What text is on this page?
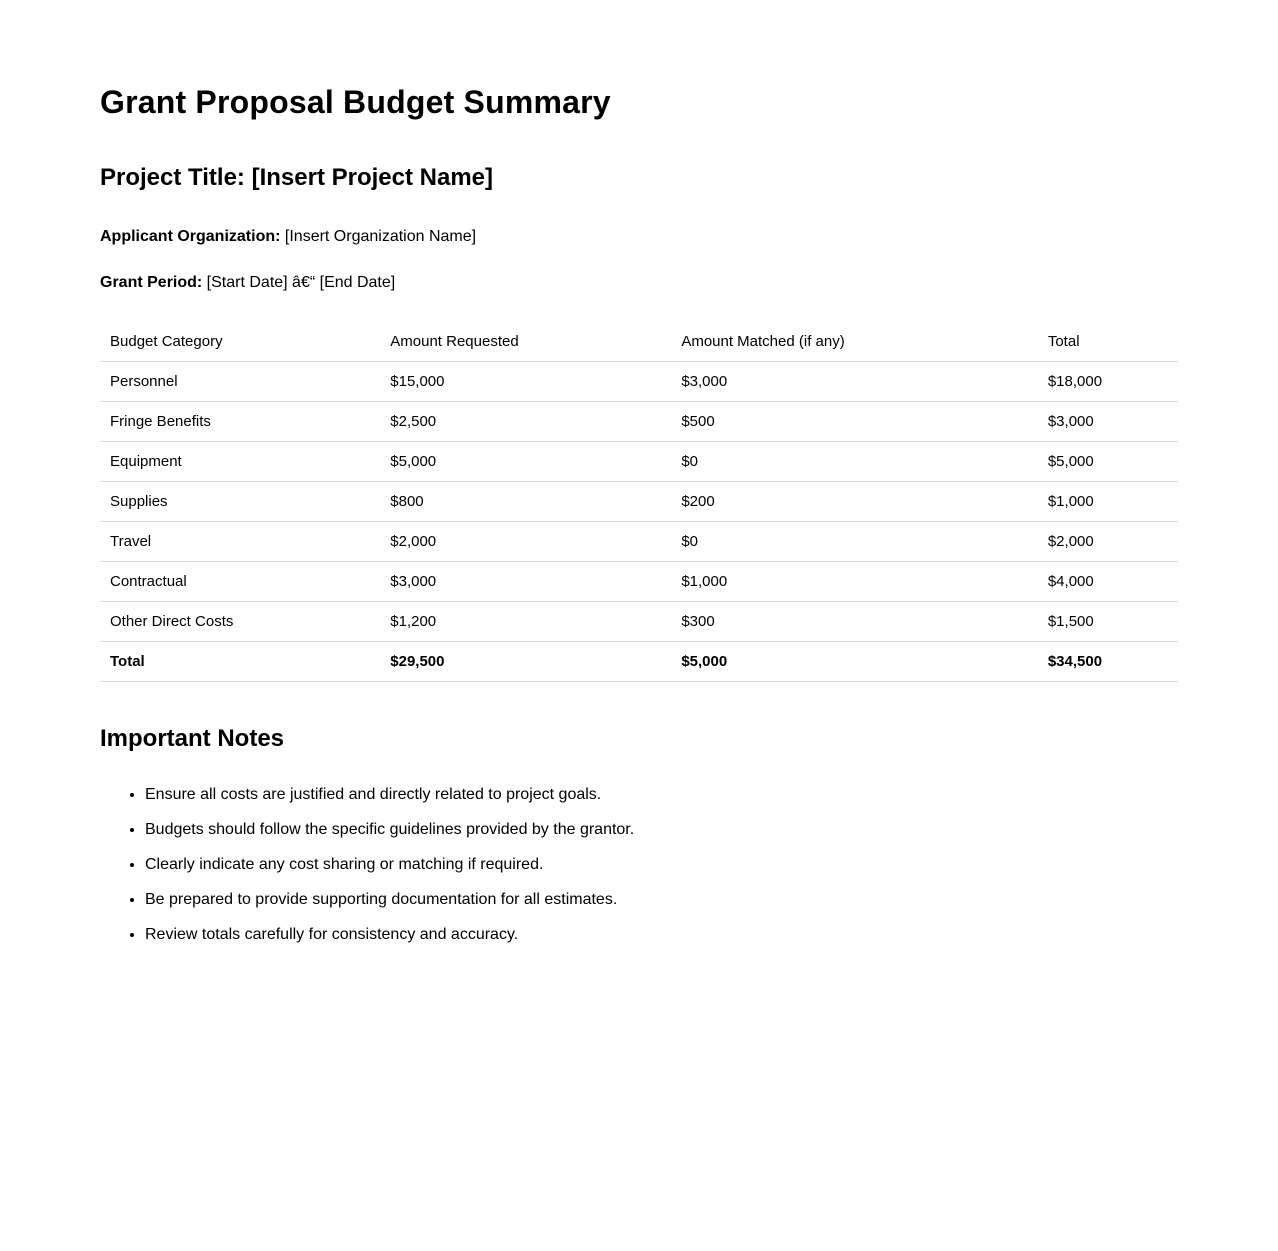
Grant Proposal Budget Summary
Project Title: [Insert Project Name]

Applicant Organization: [Insert Organization Name]

Grant Period: [Start Date] â€“ [End Date]

Budget Category	Amount Requested	Amount Matched (if any)	Total
Personnel	$15,000	$3,000	$18,000
Fringe Benefits	$2,500	$500	$3,000
Equipment	$5,000	$0	$5,000
Supplies	$800	$200	$1,000
Travel	$2,000	$0	$2,000
Contractual	$3,000	$1,000	$4,000
Other Direct Costs	$1,200	$300	$1,500
Total	$29,500	$5,000	$34,500
Important Notes
• Ensure all costs are justified and directly related to project goals.
• Budgets should follow the specific guidelines provided by the grantor.
• Clearly indicate any cost sharing or matching if required.
• Be prepared to provide supporting documentation for all estimates.
• Review totals carefully for consistency and accuracy.
